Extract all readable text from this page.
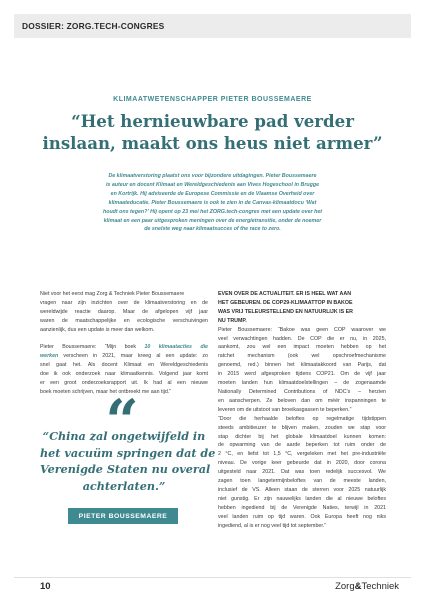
DOSSIER: ZORG.TECH-CONGRES
KLIMAATWETENSCHAPPER PIETER BOUSSEMAERE
“Het hernieuwbare pad verder
inslaan, maakt ons heus niet armer”
De klimaatverstoring plaatst ons voor bijzondere uitdagingen. Pieter Boussemaere
is auteur en docent Klimaat en Wereldgeschiedenis aan Vives Hogeschool in Brugge
en Kortrijk. Hij adviseerde de Europese Commissie en de Vlaamse Overheid over
klimaateducatie. Pieter Boussemaere is ook te zien in de Canvas-klimaatdocu ‘Wat
houdt ons tegen?’ Hij opent op 23 mei het ZORG.tech-congres met een update over het
klimaat en een paar uitgesproken meningen over de energietransitie, onder de noemer
de snelste weg naar klimaatsucces of the race to zero.
Niet voor het eerst mag Zorg & Techniek Pieter Boussemaere
vragen naar zijn inzichten over de klimaatverstoring en de
wereldwijde reactie daarop. Maar de afgelopen vijf jaar
waren de maatschappelijke en ecologische verschuivingen
aanzienlijk, dus een update is meer dan welkom.
Pieter Boussemaere: “Mijn boek 10 klimaatacties die
werken verscheen in 2021, maar kreeg al een update: zo
snel gaat het. Als docent Klimaat en Wereldgeschiedenis
doe ik ook onderzoek naar klimaatkennis. Volgend jaar komt
er een groot onderzoeksrapport uit. Ik had al een nieuwe
boek moeten schrijven, maar het ontbreekt me aan tijd.”
“
“China zal ongetwijfeld in
het vacuüm springen dat de
Verenigde Staten nu overal
achterlaten.”
PIETER BOUSSEMAERE
EVEN OVER DE ACTUALITEIT. ER IS HEEL WAT AAN
HET GEBEUREN. DE COP29-KLIMAATTOP IN BAKOE
WAS VRIJ TELEURSTELLEND EN NATUURLIJK IS ER
NU TRUMP.
Pieter Boussemaere: “Bakoe was geen COP waarover we
veel verwachtingen hadden. De COP die er nu, in 2025,
aankomt, zou wel een impact moeten hebben op het
ratchet mechanism (ook wel opschroefmechanisme
genoemd, red.) binnen het klimaatakkoord van Parijs, dat
in 2015 werd afgesproken tijdens COP21. Om de vijf jaar
moeten landen hun klimaatdoelstellingen – de zogenaamde
Nationally Determined Contributions of NDC’s – herzien
en aanscherpen. Ze beloven dan om méér inspanningen te
leveren om de uitstoot van broeikasgassen te beperken.”
“Door die herhaalde beloftes op regelmatige tijdstippen
steeds ambitieuzer te blijven maken, zouden we stap voor
stap dichter bij het globale klimaatdoel kunnen komen:
de opwarming van de aarde beperken tot ruim onder de
2 °C, en liefst tot 1,5 °C, vergeleken met het pre-industriële
niveau. De vorige keer gebeurde dat in 2020, door corona
uitgesteld naar 2021. Dat was toen redelijk succesvol. We
zagen toen langetermijnbeloftes van de meeste landen,
inclusief de VS. Alleen staan de sterren voor 2025 natuurlijk
niet gunstig. Er zijn nauwelijks landen die al nieuwe beloftes
hebben ingediend bij de Verenigde Naties, terwijl in 2021
veel landen ruim op tijd waren. Ook Europa heeft nog niks
ingediend, al is er nog veel tijd tot september.”
10	Zorg&Techniek
